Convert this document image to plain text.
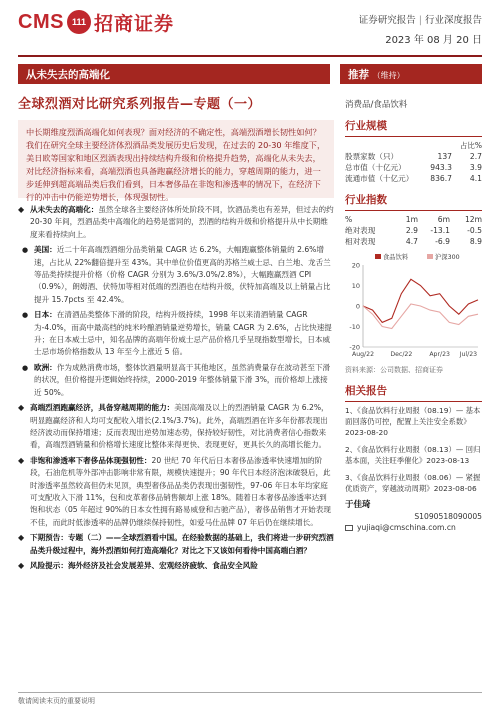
CMS 111 招商证券	证券研究报告 | 行业深度报告
2023 年 08 月 20 日
从未失去的高端化	推荐 （维持）
全球烈酒对比研究系列报告—专题（一）	消费品/食品饮料
中长期维度烈酒高端化如何表现？面对经济的不确定性，高端烈酒增长韧性如何？我们在研究全球主要经济体烈酒品类发展历史后发现，在过去的 20-30 年维度下，美日欧等国家和地区烈酒表现出持续结构升级和价格提升趋势，高端化从未失去，对比经济指标来看，高端烈酒也具备跑赢经济增长的能力，穿越周期的能力，进一步延伸到超高端品类后我们看到，日本奢侈品在非饱和渗透率的情况下，在经济下行的冲击中仍能逆势增长，体现强韧性。
◆ 从未失去的高端化：虽然全球各主要经济体所处阶段不同，饮酒品类也有差异，但过去的约 20-30 年间，烈酒品类中高端化的趋势是雷同的，烈酒的结构升级和价格提升从中长期维度来看持续向上。
● 美国：近二十年高端烈酒细分品类销量 CAGR 达 6.2%，大幅跑赢整体销量的 2.6%增速，占比从 22%翻倍提升至 43%。其中单位价值更高的苏格兰威士忌、白兰地、龙舌兰等品类持续提升价格（价格 CAGR 分别为 3.6%/3.0%/2.8%），大幅跑赢烈酒 CPI（0.9%），朗姆酒、伏特加等相对低端的烈酒也在结构升级，伏特加高端及以上销量占比提升 15.7pcts 至 42.4%。
● 日本：在清酒品类整体下滑的阶段，结构升级持续，1998 年以来清酒销量 CAGR 为-4.0%，而高中最高档的纯米吟酿酒销量逆势增长，销量 CAGR 为 2.6%，占比快速提升；在日本威士忌中，知名品牌的高端年份威士忌产品价格几乎呈现指数型增长，日本威士忌市场价格指数从 13 年至今上涨近 5 倍。
● 欧洲：作为成熟消费市场，整体饮酒量明显高于其他地区，虽然消费量存在波动甚至下滑的状况，但价格提升逻辑始终持续，2000-2019 年整体销量下滑 3%，而价格却上涨接近 50%。
◆ 高端烈酒跑赢经济，具备穿越周期的能力：美国高端及以上的烈酒销量 CAGR 为 6.2%，明显跑赢经济和人均可支配收入增长(2.1%/3.7%)。此外，高端烈酒在许多年份都表现出经济波动而保持增速；反而表现出逆势加速态势，保持较好韧性，对比消费者信心指数来看，高端烈酒销量和价格增长速度比整体来得更快、表现更好，更具长久的高增长能力。
◆ 非饱和渗透率下奢侈品体现强韧性：20 世纪 70 年代后日本奢侈品渗透率快速增加的阶段，石油危机等外部冲击影响非常有限，规模快速提升；90 年代日本经济泡沫破裂后，此时渗透率虽然较高但仍未见顶，典型奢侈品品类仍表现出强韧性，97-06 年日本年均家庭可支配收入下滑 11%，包和皮革奢侈品销售额却上涨 18%。随着日本奢侈品渗透率达到饱和状态（05 年超过 90%的日本女性拥有路易威登和古驰产品），奢侈品销售才开始表现不佳，而此时低渗透率的品牌仍继续保持韧性，如爱马仕品牌 07 年后仍在继续增长。
◆ 下期预告：专题（二）——全球烈酒看中国。在经验数据的基础上，我们将进一步研究烈酒品类升级过程中，海外烈酒如何打造高端化？对比之下又该如何看待中国高端白酒？
◆ 风险提示：海外经济及社会发展差异、宏观经济疲软、食品安全风险
行业规模
占比%
股票家数（只）	137	2.7
总市值（十亿元）	943.3	3.9
流通市值（十亿元）	836.7	4.1
行业指数
%	1m	6m	12m
绝对表现	2.9	-13.1	-0.5
相对表现	4.7	-6.9	8.9
20
10
0
-10
-20
Aug/22	Dec/22	Apr/23 Jul/23
食品饮料	沪深300
资料来源：公司数据、招商证券
相关报告
1、《食品饮料行业周报（08.19）— 基本面回落仍可控，配置上关注安全系数》2023-08-20
2、《食品饮料行业周报（08.13）— 回归基本面，关注旺季催化》2023-08-13
3、《食品饮料行业周报（08.06）— 紧握优质资产，穿越波动周期》2023-08-06
于佳琦
S1090518090005
yujiaqi@cmschina.com.cn
敬请阅读末页的重要说明
